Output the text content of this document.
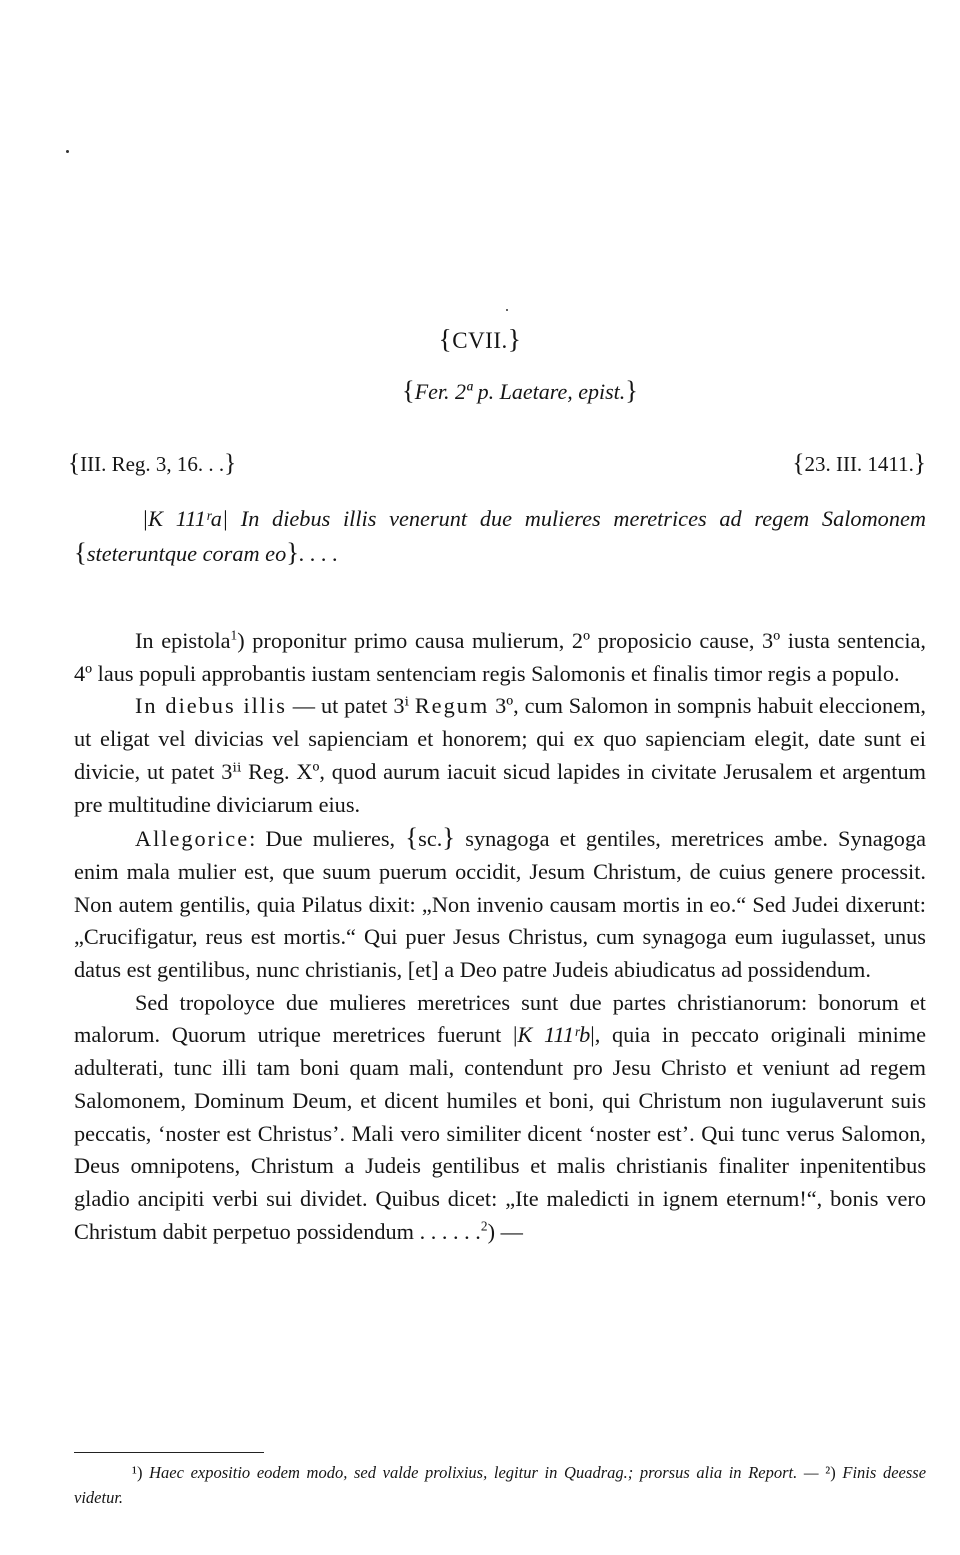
{CVII.}
{Fer. 2ª p. Laetare, epist.}
{III. Reg. 3, 16. . .}	{23. III. 1411.}

|K 111ʳa| In diebus illis venerunt due mulieres meretrices ad regem Salomonem {steteruntque coram eo}. . . .

In epistola$^1$) proponitur primo causa mulierum, 2º proposicio cause, 3º iusta sentencia, 4º laus populi approbantis iustam sentenciam regis Salomonis et finalis timor regis a populo.

In diebus illis — ut patet 3ⁱ Regum 3º, cum Salomon in sompnis habuit eleccionem, ut eligat vel divicias vel sapienciam et honorem; qui ex quo sapienciam elegit, date sunt ei divicie, ut patet 3ⁱⁱ Reg. Xº, quod aurum iacuit sicud lapides in civitate Jerusalem et argentum pre multitudine diviciarum eius.

Allegorice: Due mulieres, {sc.} synagoga et gentiles, meretrices ambe. Synagoga enim mala mulier est, que suum puerum occidit, Jesum Christum, de cuius genere processit. Non autem gentilis, quia Pilatus dixit: „Non invenio causam mortis in eo.“ Sed Judei dixerunt: „Crucifigatur, reus est mortis.“ Qui puer Jesus Christus, cum synagoga eum iugulasset, unus datus est gentilibus, nunc christianis, [et] a Deo patre Judeis abiudicatus ad possidendum.

Sed tropoloyce due mulieres meretrices sunt due partes christianorum: bonorum et malorum. Quorum utrique meretrices fuerunt |K 111ʳb|, quia in peccato originali minime adulterati, tunc illi tam boni quam mali, contendunt pro Jesu Christo et veniunt ad regem Salomonem, Dominum Deum, et dicent humiles et boni, qui Christum non iugulaverunt suis peccatis, ‘noster est Christus’. Mali vero similiter dicent ‘noster est’. Qui tunc verus Salomon, Deus omnipotens, Christum a Judeis gentilibus et malis christianis finaliter inpenitentibus gladio ancipiti verbi sui dividet. Quibus dicet: „Ite maledicti in ignem eternum!“, bonis vero Christum dabit perpetuo possidendum . . . . . .$^2$) —

¹) Haec expositio eodem modo, sed valde prolixius, legitur in Quadrag.; prorsus alia in Report. — ²) Finis deesse videtur.
